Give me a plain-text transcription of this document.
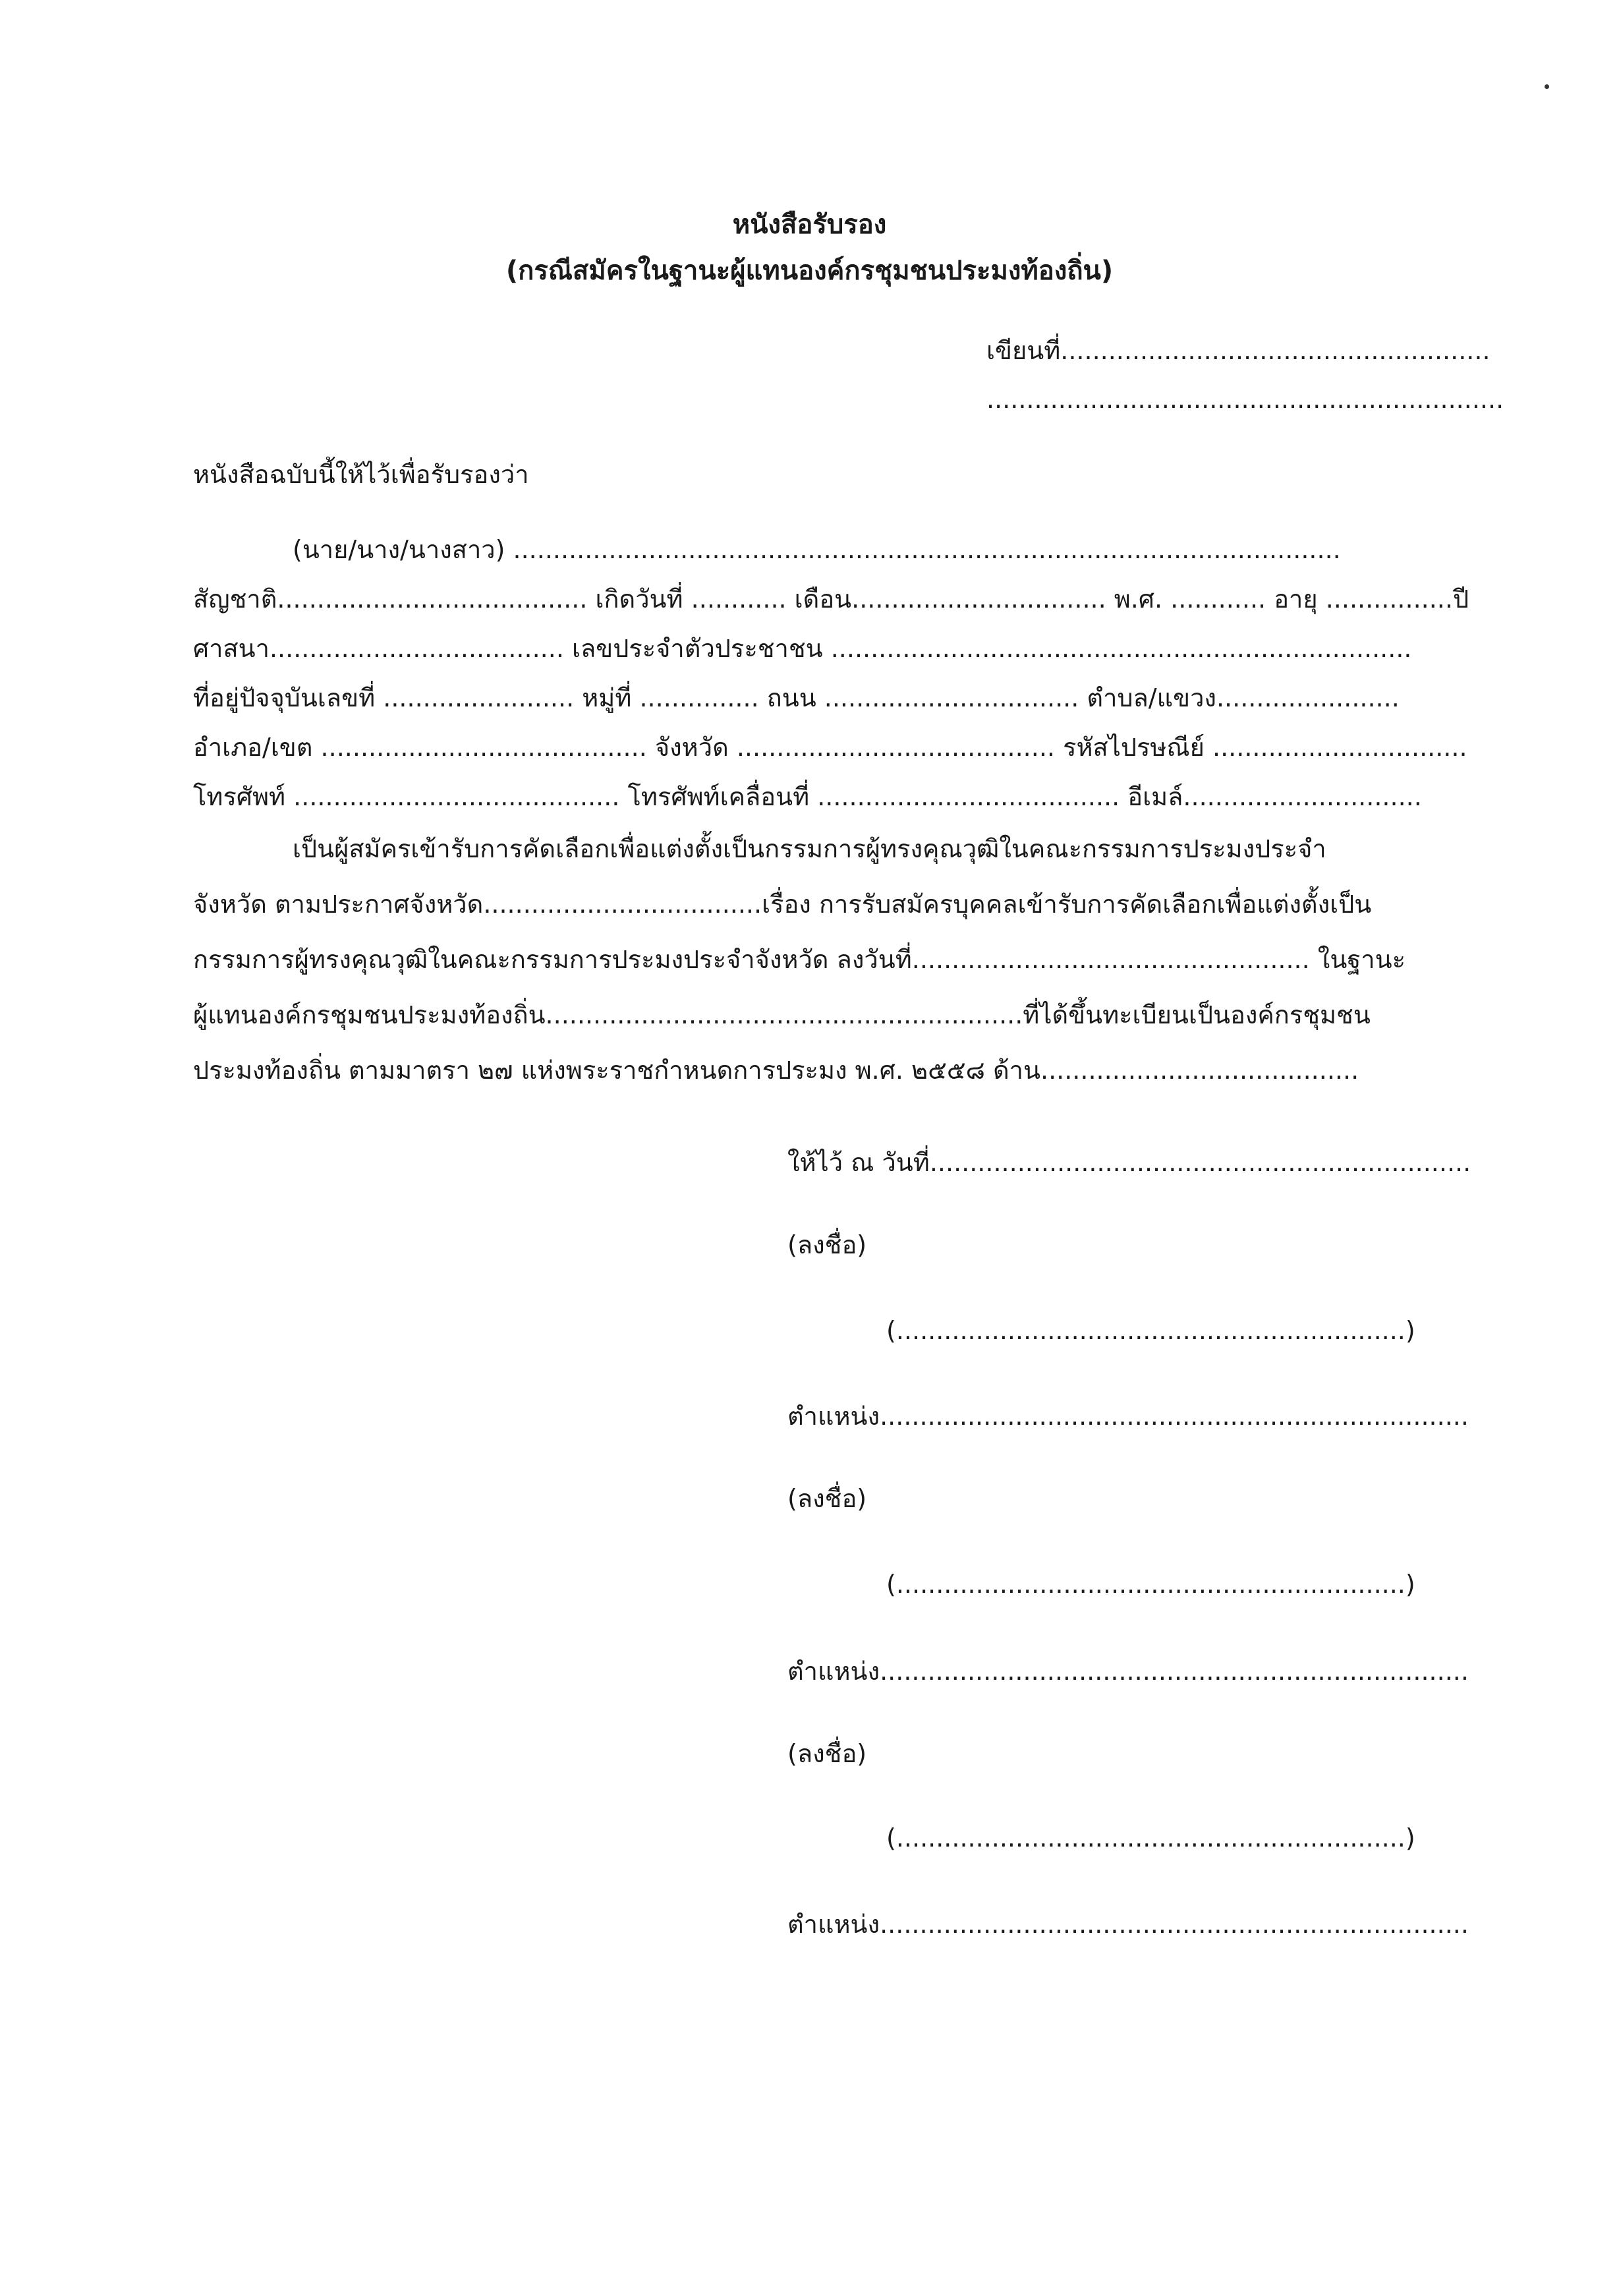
หนังสือรับรอง
(กรณีสมัครในฐานะผู้แทนองค์กรชุมชนประมงท้องถิ่น)
เขียนที่......................................................
.................................................................
หนังสือฉบับนี้ให้ไว้เพื่อรับรองว่า
(นาย/นาง/นางสาว) ........................................................................................................
สัญชาติ....................................... เกิดวันที่ ............ เดือน................................ พ.ศ. ............ อายุ ................ปี
ศาสนา..................................... เลขประจำตัวประชาชน .........................................................................
ที่อยู่ปัจจุบันเลขที่ ........................ หมู่ที่ ............... ถนน ................................ ตำบล/แขวง.......................
อำเภอ/เขต ......................................... จังหวัด ........................................ รหัสไปรษณีย์ ................................
โทรศัพท์ ......................................... โทรศัพท์เคลื่อนที่ ...................................... อีเมล์..............................
เป็นผู้สมัครเข้ารับการคัดเลือกเพื่อแต่งตั้งเป็นกรรมการผู้ทรงคุณวุฒิในคณะกรรมการประมงประจำ
จังหวัด ตามประกาศจังหวัด...................................เรื่อง การรับสมัครบุคคลเข้ารับการคัดเลือกเพื่อแต่งตั้งเป็น
กรรมการผู้ทรงคุณวุฒิในคณะกรรมการประมงประจำจังหวัด ลงวันที่.................................................. ในฐานะ
ผู้แทนองค์กรชุมชนประมงท้องถิ่น............................................................ที่ได้ขึ้นทะเบียนเป็นองค์กรชุมชน
ประมงท้องถิ่น ตามมาตรา ๒๗ แห่งพระราชกำหนดการประมง พ.ศ. ๒๕๕๘ ด้าน........................................
ให้ไว้ ณ วันที่....................................................................
(ลงชื่อ)
(................................................................)
ตำแหน่ง..........................................................................
(ลงชื่อ)
(................................................................)
ตำแหน่ง..........................................................................
(ลงชื่อ)
(................................................................)
ตำแหน่ง..........................................................................
